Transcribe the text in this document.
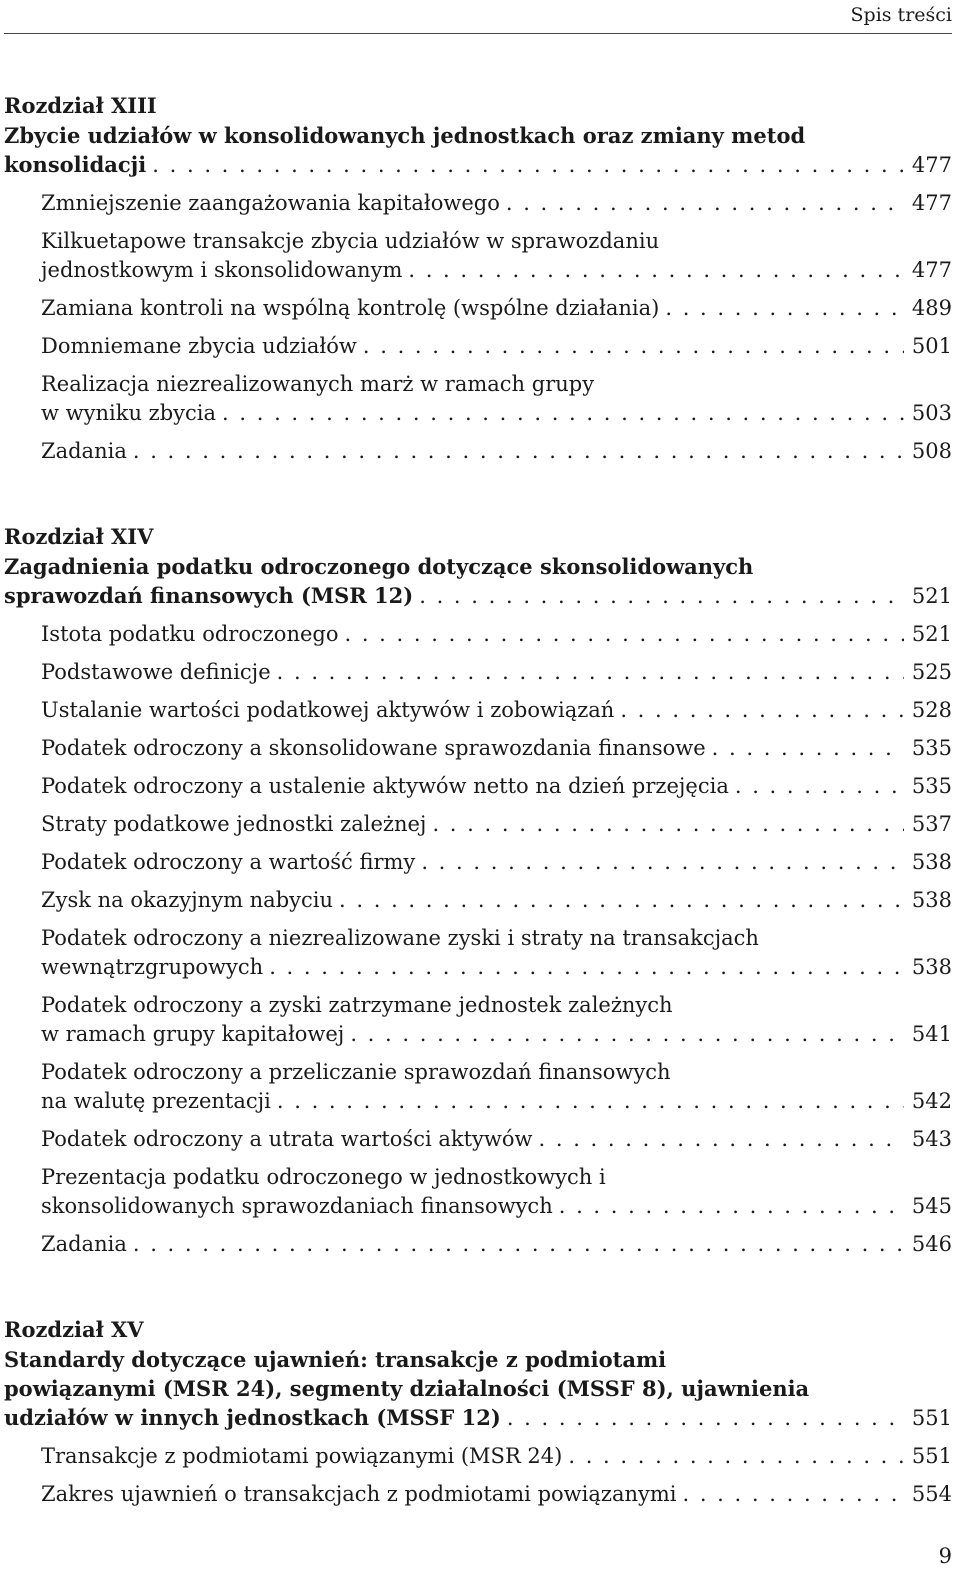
Spis treści
Rozdział XIII
Zbycie udziałów w konsolidowanych jednostkach oraz zmiany metod
konsolidacji . . .	477
Zmniejszenie zaangażowania kapitałowego . . .	477
Kilkuetapowe transakcje zbycia udziałów w sprawozdaniu
jednostkowym i skonsolidowanym . . .	477
Zamiana kontroli na wspólną kontrolę (wspólne działania) . . .	489
Domniemane zbycia udziałów . . .	501
Realizacja niezrealizowanych marż w ramach grupy
w wyniku zbycia . . .	503
Zadania . . .	508
Rozdział XIV
Zagadnienia podatku odroczonego dotyczące skonsolidowanych
sprawozdań finansowych (MSR 12) . . .	521
Istota podatku odroczonego . . .	521
Podstawowe definicje . . .	525
Ustalanie wartości podatkowej aktywów i zobowiązań . . .	528
Podatek odroczony a skonsolidowane sprawozdania finansowe . . .	535
Podatek odroczony a ustalenie aktywów netto na dzień przejęcia . . .	535
Straty podatkowe jednostki zależnej . . .	537
Podatek odroczony a wartość firmy . . .	538
Zysk na okazyjnym nabyciu . . .	538
Podatek odroczony a niezrealizowane zyski i straty na transakcjach
wewnątrzgrupowych . . .	538
Podatek odroczony a zyski zatrzymane jednostek zależnych
w ramach grupy kapitałowej . . .	541
Podatek odroczony a przeliczanie sprawozdań finansowych
na walutę prezentacji . . .	542
Podatek odroczony a utrata wartości aktywów . . .	543
Prezentacja podatku odroczonego w jednostkowych i
skonsolidowanych sprawozdaniach finansowych . . .	545
Zadania . . .	546
Rozdział XV
Standardy dotyczące ujawnień: transakcje z podmiotami
powiązanymi (MSR 24), segmenty działalności (MSSF 8), ujawnienia
udziałów w innych jednostkach (MSSF 12) . . .	551
Transakcje z podmiotami powiązanymi (MSR 24) . . .	551
Zakres ujawnień o transakcjach z podmiotami powiązanymi . . .	554
9
